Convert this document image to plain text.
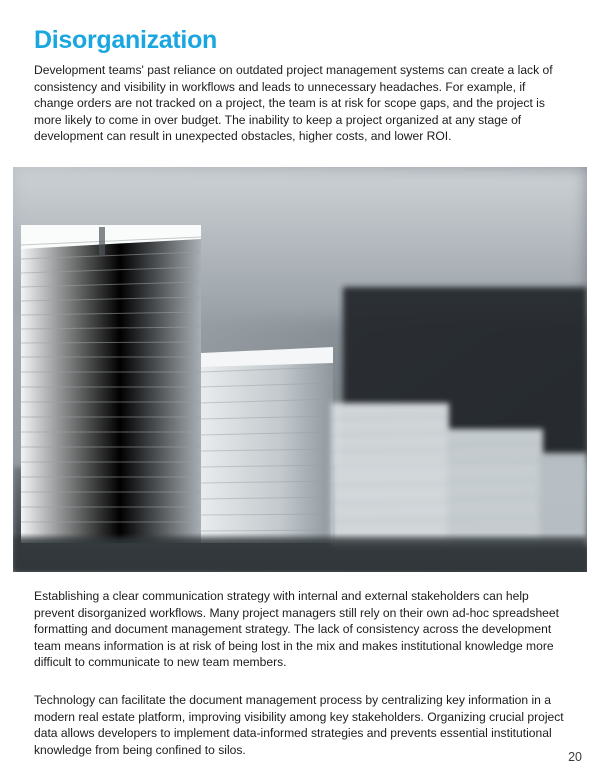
Disorganization

Development teams' past reliance on outdated project management systems can create a lack of consistency and visibility in workflows and leads to unnecessary headaches. For example, if change orders are not tracked on a project, the team is at risk for scope gaps, and the project is more likely to come in over budget. The inability to keep a project organized at any stage of development can result in unexpected obstacles, higher costs, and lower ROI.

Establishing a clear communication strategy with internal and external stakeholders can help prevent disorganized workflows. Many project managers still rely on their own ad-hoc spreadsheet formatting and document management strategy. The lack of consistency across the development team means information is at risk of being lost in the mix and makes institutional knowledge more difficult to communicate to new team members.

Technology can facilitate the document management process by centralizing key information in a modern real estate platform, improving visibility among key stakeholders. Organizing crucial project data allows developers to implement data-informed strategies and prevents essential institutional knowledge from being confined to silos.

20
